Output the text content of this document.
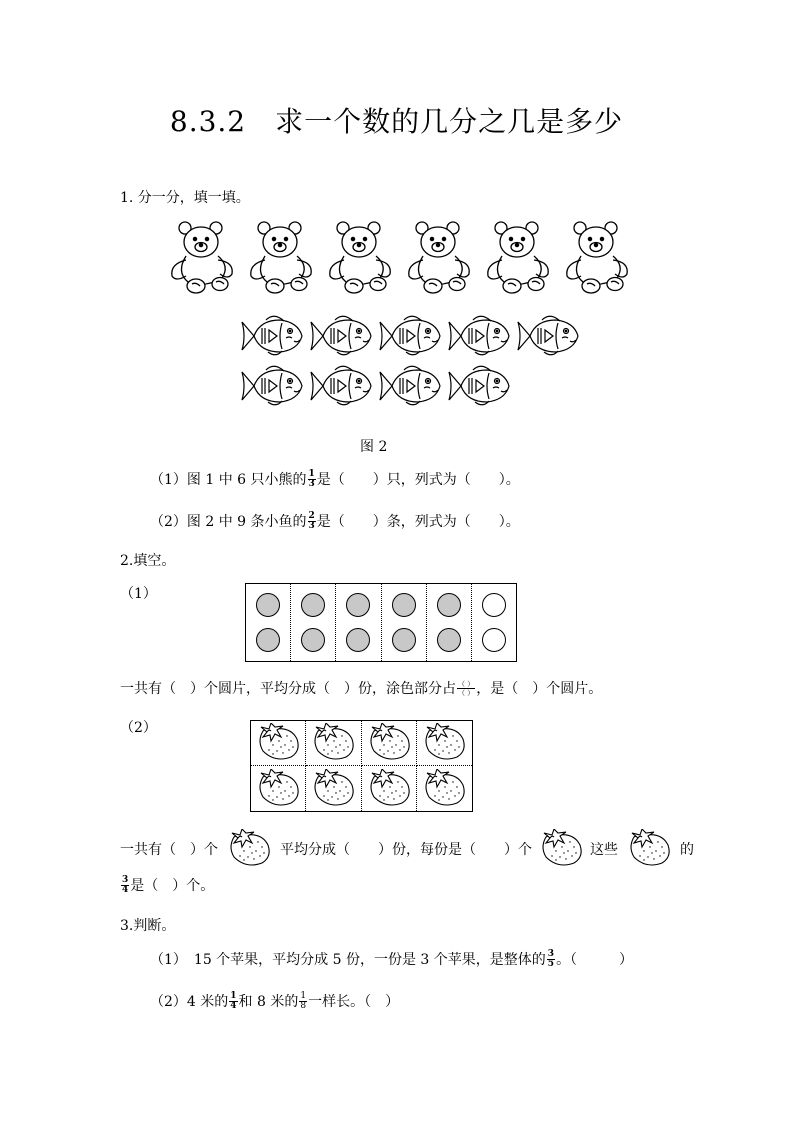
8.3.2　求一个数的几分之几是多少
1. 分一分，填一填。
图 2
（1）图 1 中 6 只小熊的 $\frac{1}{3}$ 是（　　）只，列式为（　　）。
（2）图 2 中 9 条小鱼的 $\frac{2}{3}$ 是（　　）条，列式为（　　）。
2.填空。
（1）
一共有（　）个圆片，平均分成（　）份，涂色部分占 $\frac{( )}{( )}$ ，是（　）个圆片。
（2）
一共有（　）个	平均分成（　　）份，每份是（　　）个	这些	的
$\frac{3}{4}$ 是（　）个。
3.判断。
（1）　15 个苹果，平均分成 5 份，一份是 3 个苹果，是整体的 $\frac{3}{5}$ 。（　　　）
（2）4 米的 $\frac{1}{4}$ 和 8 米的 $\frac{1}{8}$ 一样长。（　）
